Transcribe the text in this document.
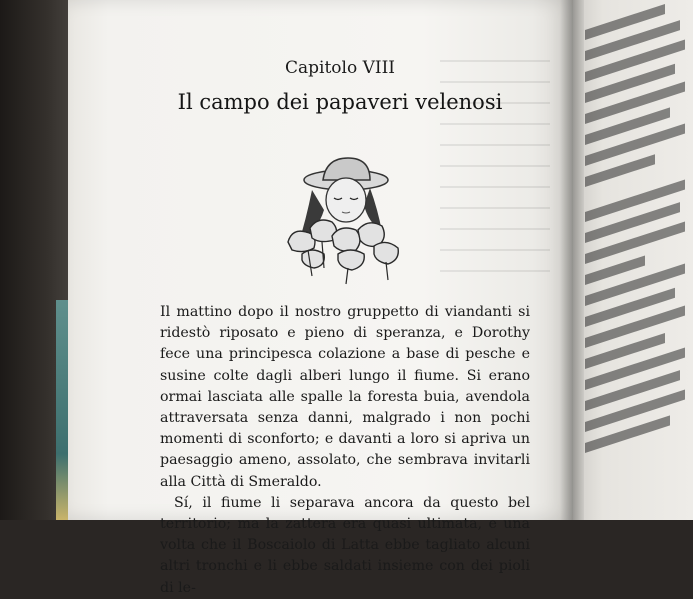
Capitolo VIII
Il campo dei papaveri velenosi

Il mattino dopo il nostro gruppetto di viandanti si ridestò riposato e pieno di speranza, e Dorothy fece una principesca colazione a base di pesche e susine colte dagli alberi lungo il fiume. Si erano ormai lasciata alle spalle la foresta buia, avendola attraversata senza danni, malgrado i non pochi momenti di sconforto; e davanti a loro si apriva un paesaggio ameno, assolato, che sembrava invitarli alla Città di Smeraldo.

Sí, il fiume li separava ancora da questo bel territorio; ma la zattera era quasi ultimata, e una volta che il Boscaiolo di Latta ebbe tagliato alcuni altri tronchi e li ebbe saldati insieme con dei pioli di le-
